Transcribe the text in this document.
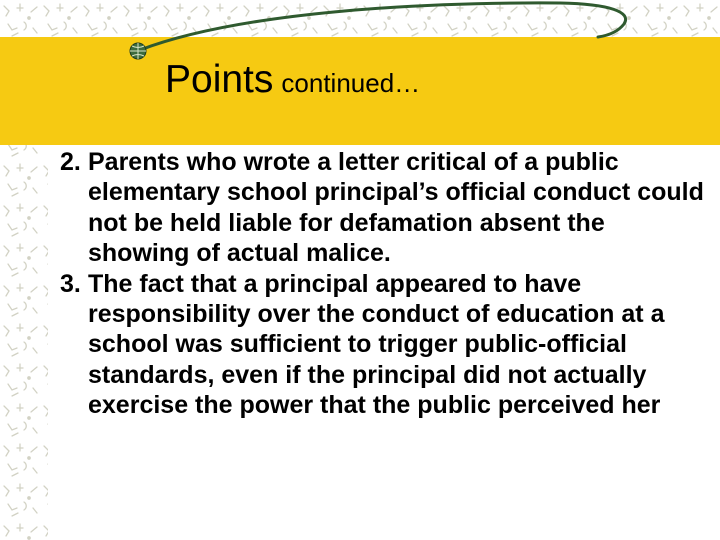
Points continued…
2. Parents who wrote a letter critical of a public elementary school principal’s official conduct could not be held liable for defamation absent the showing of actual malice.
3. The fact that a principal appeared to have responsibility over the conduct of education at a school was sufficient to trigger public-official standards, even if the principal did not actually exercise the power that the public perceived her
